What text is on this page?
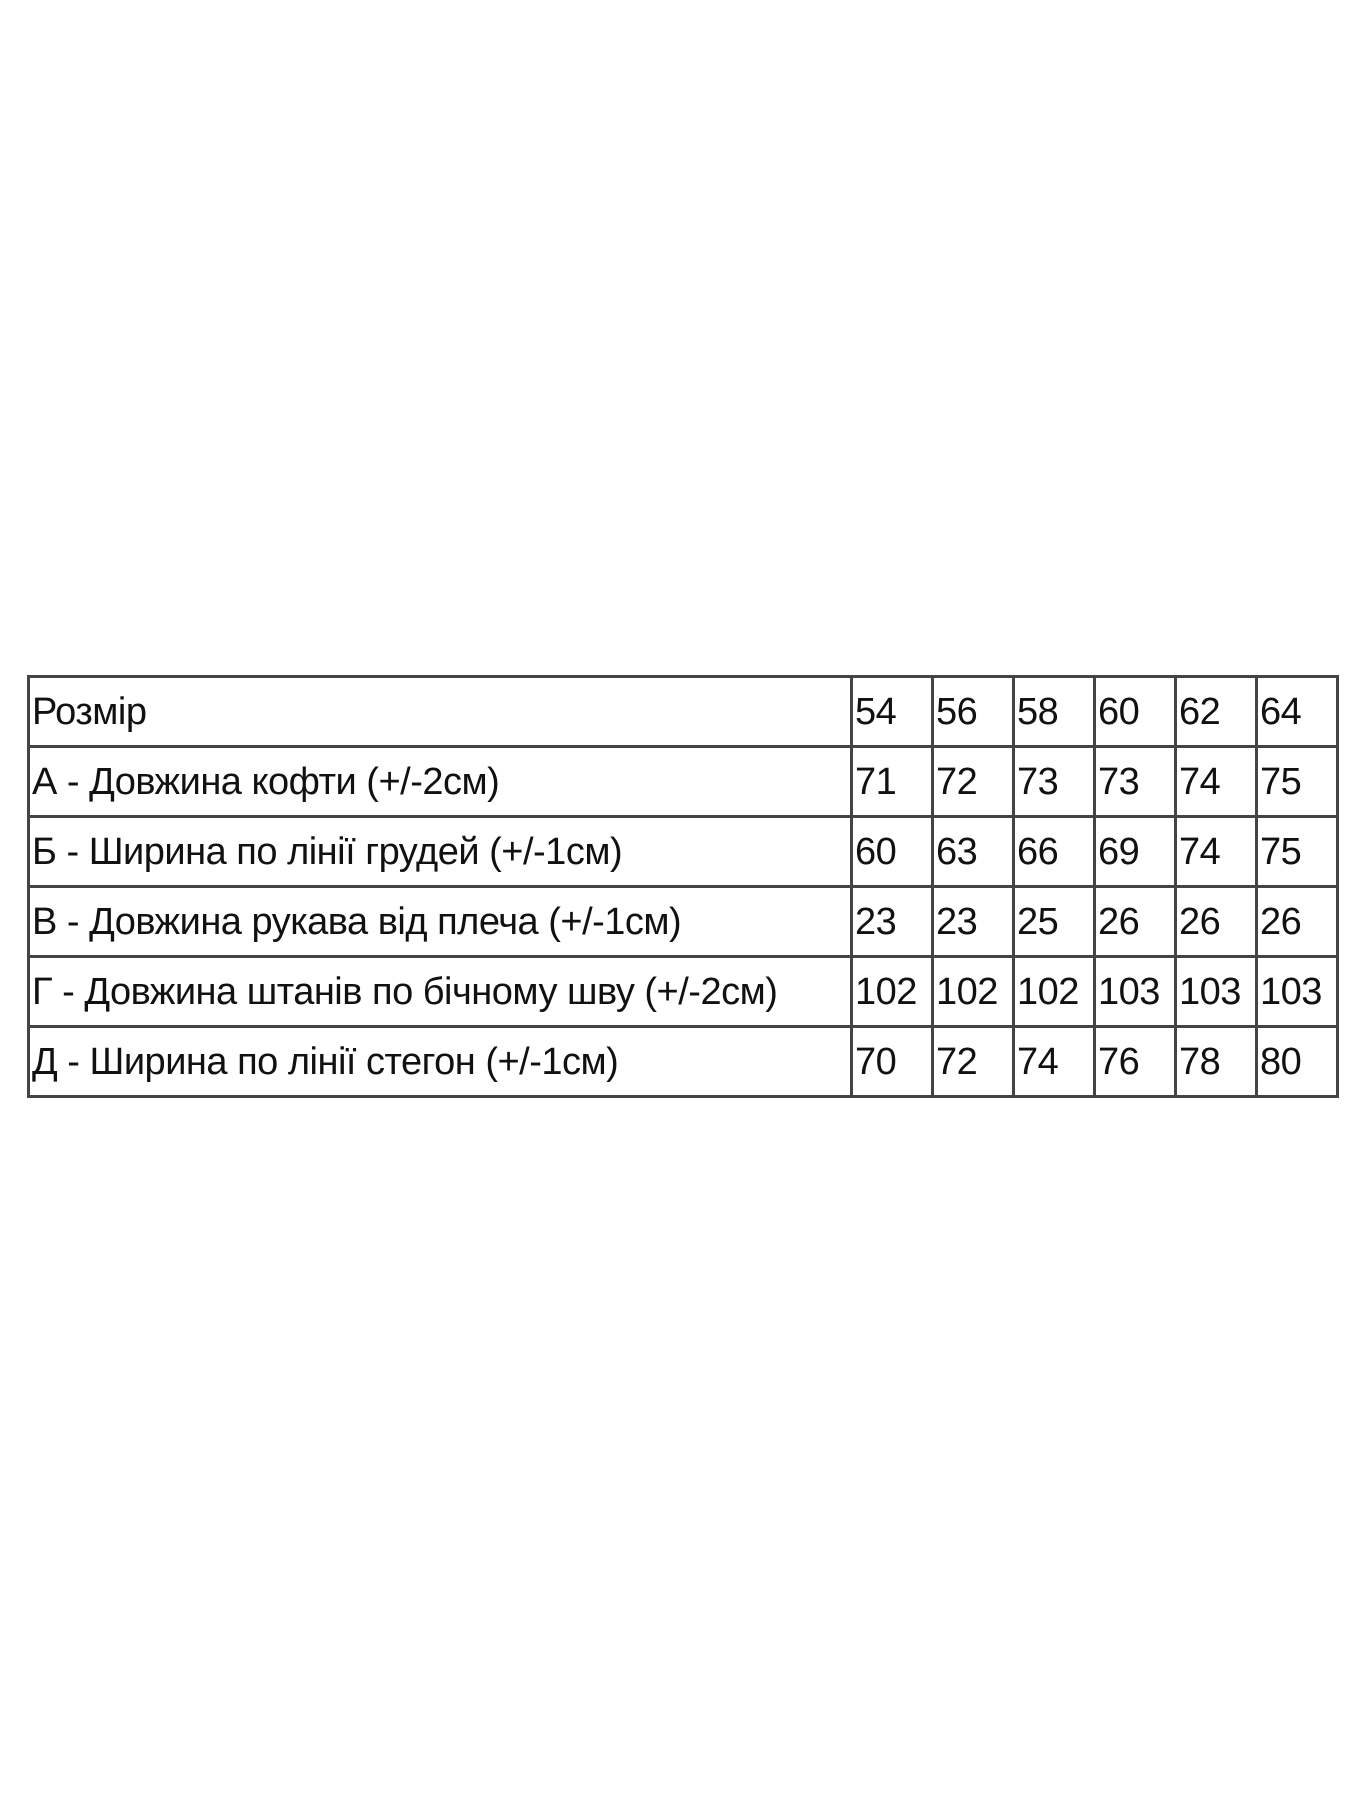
Розмір	54	56	58	60	62	64
А - Довжина кофти (+/-2см)	71	72	73	73	74	75
Б - Ширина по лінії грудей (+/-1см)	60	63	66	69	74	75
В - Довжина рукава від плеча (+/-1см)	23	23	25	26	26	26
Г - Довжина штанів по бічному шву (+/-2см)	102	102	102	103	103	103
Д - Ширина по лінії стегон (+/-1см)	70	72	74	76	78	80
